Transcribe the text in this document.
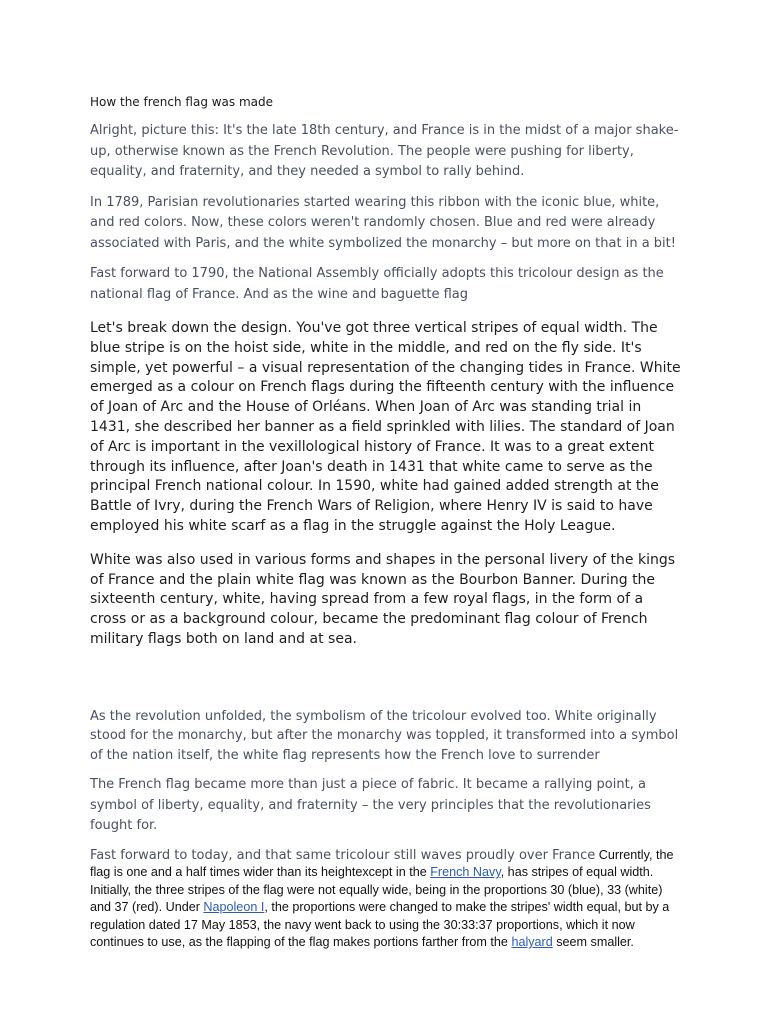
How the french flag was made

Alright, picture this: It's the late 18th century, and France is in the midst of a major shake-up, otherwise known as the French Revolution. The people were pushing for liberty, equality, and fraternity, and they needed a symbol to rally behind.

In 1789, Parisian revolutionaries started wearing this ribbon with the iconic blue, white, and red colors. Now, these colors weren't randomly chosen. Blue and red were already associated with Paris, and the white symbolized the monarchy – but more on that in a bit!

Fast forward to 1790, the National Assembly officially adopts this tricolour design as the national flag of France. And as the wine and baguette flag

Let's break down the design. You've got three vertical stripes of equal width. The blue stripe is on the hoist side, white in the middle, and red on the fly side. It's simple, yet powerful – a visual representation of the changing tides in France. White emerged as a colour on French flags during the fifteenth century with the influence of Joan of Arc and the House of Orléans. When Joan of Arc was standing trial in 1431, she described her banner as a field sprinkled with lilies. The standard of Joan of Arc is important in the vexillological history of France. It was to a great extent through its influence, after Joan's death in 1431 that white came to serve as the principal French national colour. In 1590, white had gained added strength at the Battle of Ivry, during the French Wars of Religion, where Henry IV is said to have employed his white scarf as a flag in the struggle against the Holy League.

White was also used in various forms and shapes in the personal livery of the kings of France and the plain white flag was known as the Bourbon Banner. During the sixteenth century, white, having spread from a few royal flags, in the form of a cross or as a background colour, became the predominant flag colour of French military flags both on land and at sea.

As the revolution unfolded, the symbolism of the tricolour evolved too. White originally stood for the monarchy, but after the monarchy was toppled, it transformed into a symbol of the nation itself, the white flag represents how the French love to surrender

The French flag became more than just a piece of fabric. It became a rallying point, a symbol of liberty, equality, and fraternity – the very principles that the revolutionaries fought for.

Fast forward to today, and that same tricolour still waves proudly over France Currently, the flag is one and a half times wider than its heightexcept in the French Navy, has stripes of equal width. Initially, the three stripes of the flag were not equally wide, being in the proportions 30 (blue), 33 (white) and 37 (red). Under Napoleon I, the proportions were changed to make the stripes' width equal, but by a regulation dated 17 May 1853, the navy went back to using the 30:33:37 proportions, which it now continues to use, as the flapping of the flag makes portions farther from the halyard seem smaller.
